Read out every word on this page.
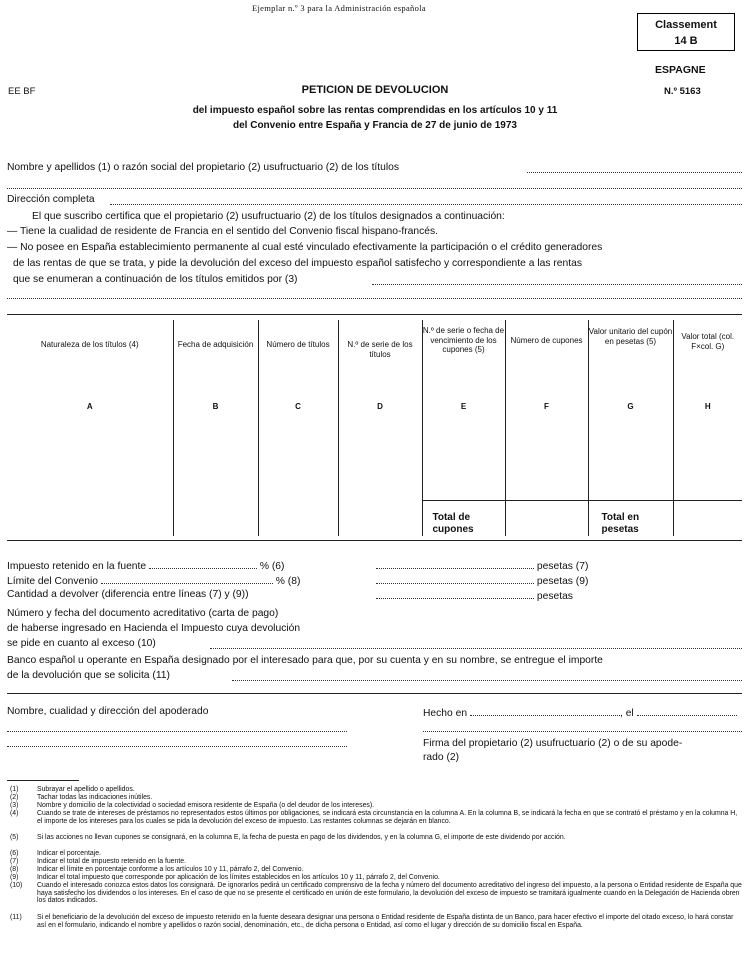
Ejemplar n.º 3 para la Administración española
Classement
14 B
ESPAGNE
EE BF	N.º 5163
PETICION DE DEVOLUCION
del impuesto español sobre las rentas comprendidas en los artículos 10 y 11
del Convenio entre España y Francia de 27 de junio de 1973
Nombre y apellidos (1) o razón social del propietario (2) usufructuario (2) de los títulos
Dirección completa
El que suscribo certifica que el propietario (2) usufructuario (2) de los títulos designados a continuación:
— Tiene la cualidad de residente de Francia en el sentido del Convenio fiscal hispano-francés.
— No posee en España establecimiento permanente al cual esté vinculado efectivamente la participación o el crédito generadores
de las rentas de que se trata, y pide la devolución del exceso del impuesto español satisfecho y correspondiente a las rentas
que se enumeran a continuación de los títulos emitidos por (3)
Naturaleza de los títulos (4)	Fecha de adquisición	Número de títulos	N.º de serie de los títulos	N.º de serie o fecha de vencimiento de los cupones (5)	Número de cupones	Valor unitario del cupón en pesetas (5)	Valor total (col. F×col. G)
A	B	C	D	E	F	G	H

				Total de cupones		Total en pesetas	
Impuesto retenido en la fuente	% (6)	pesetas (7)
Límite del Convenio	% (8)	pesetas (9)
Cantidad a devolver (diferencia entre líneas (7) y (9))	pesetas
Número y fecha del documento acreditativo (carta de pago)
de haberse ingresado en Hacienda el Impuesto cuya devolución
se pide en cuanto al exceso (10)
Banco español u operante en España designado por el interesado para que, por su cuenta y en su nombre, se entregue el importe
de la devolución que se solicita (11)
Nombre, cualidad y dirección del apoderado	Hecho en	, el
Firma del propietario (2) usufructuario (2) o de su apode-
rado (2)
(1)	Subrayar el apellido o apellidos.
(2)	Tachar todas las indicaciones inútiles.
(3)	Nombre y domicilio de la colectividad o sociedad emisora residente de España (o del deudor de los intereses).
(4)	Cuando se trate de intereses de préstamos no representados estos últimos por obligaciones, se indicará esta circunstancia en la columna A. En la columna B, se indicará la fecha en que se contrató el préstamo y en la columna H, el importe de los intereses para los cuales se pida la devolución del exceso de impuesto. Las restantes columnas se dejarán en blanco.
(5)	Si las acciones no llevan cupones se consignará, en la columna E, la fecha de puesta en pago de los dividendos, y en la columna G, el importe de este dividendo por acción.
(6)	Indicar el porcentaje.
(7)	Indicar el total de impuesto retenido en la fuente.
(8)	Indicar el límite en porcentaje conforme a los artículos 10 y 11, párrafo 2, del Convenio.
(9)	Indicar el total impuesto que corresponde por aplicación de los límites establecidos en los artículos 10 y 11, párrafo 2, del Convenio.
(10) Cuando el interesado conozca estos datos los consignará. De ignorarlos pedirá un certificado comprensivo de la fecha y número del documento acreditativo del ingreso del impuesto, a la persona o Entidad residente de España que haya satisfecho los dividendos o los intereses. En el caso de que no se presente el certificado en unión de este formulario, la devolución del exceso de impuesto se tramitará igualmente cuando en la Delegación de Hacienda obren los datos indicados.
(11) Si el beneficiario de la devolución del exceso de impuesto retenido en la fuente deseara designar una persona o Entidad residente de España distinta de un Banco, para hacer efectivo el importe del citado exceso, lo hará constar así en el formulario, indicando el nombre y apellidos o razón social, denominación, etc., de dicha persona o Entidad, así como el lugar y dirección de su domicilio fiscal en España.
